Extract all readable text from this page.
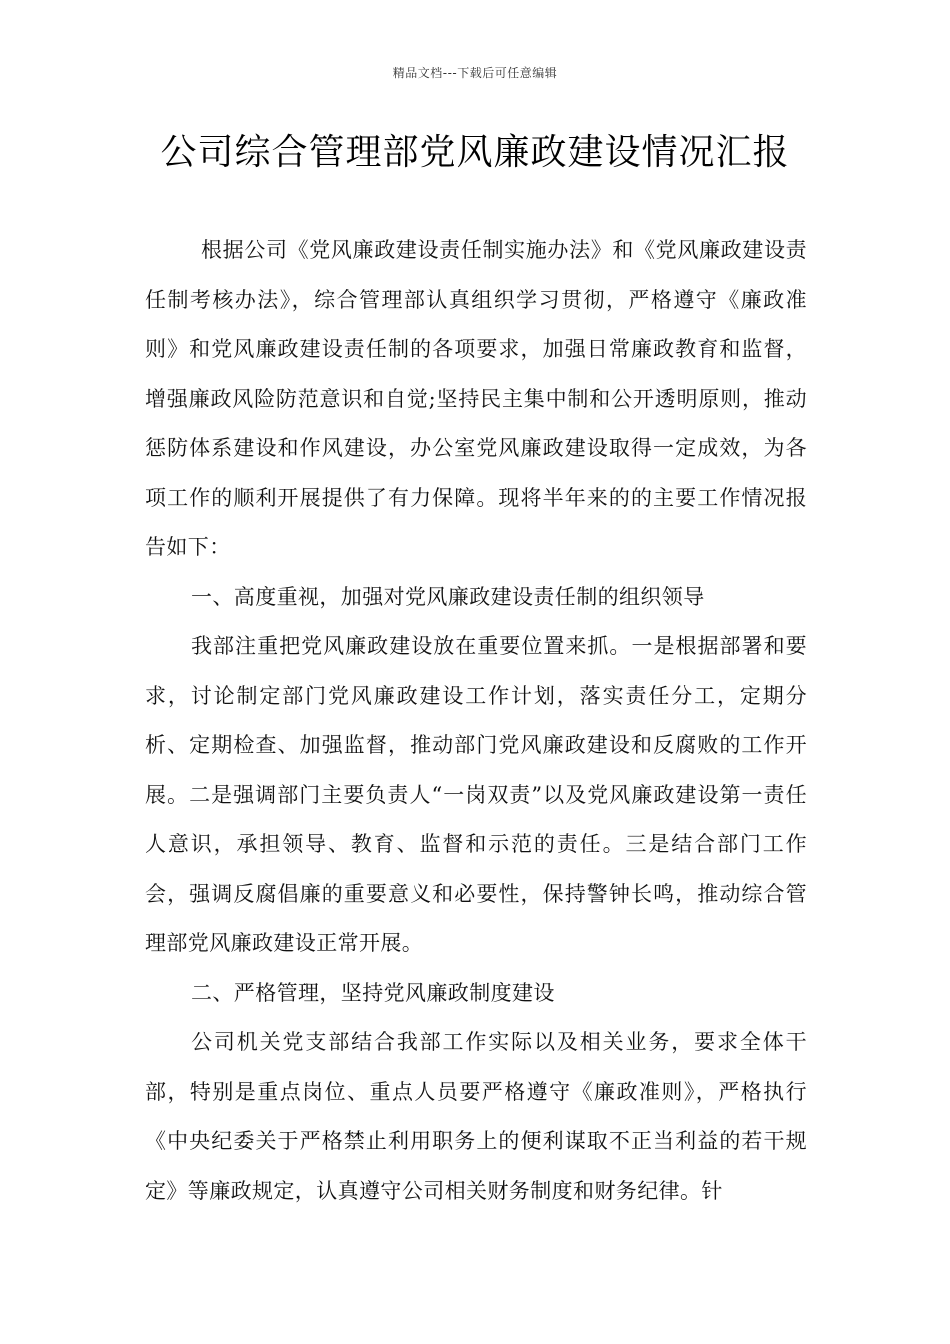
精品文档---下载后可任意编辑
公司综合管理部党风廉政建设情况汇报

根据公司《党风廉政建设责任制实施办法》和《党风廉政建设责任制考核办法》，综合管理部认真组织学习贯彻，严格遵守《廉政准则》和党风廉政建设责任制的各项要求，加强日常廉政教育和监督，增强廉政风险防范意识和自觉;坚持民主集中制和公开透明原则，推动惩防体系建设和作风建设，办公室党风廉政建设取得一定成效，为各项工作的顺利开展提供了有力保障。现将半年来的的主要工作情况报告如下：

一、高度重视，加强对党风廉政建设责任制的组织领导

我部注重把党风廉政建设放在重要位置来抓。一是根据部署和要求，讨论制定部门党风廉政建设工作计划，落实责任分工，定期分析、定期检查、加强监督，推动部门党风廉政建设和反腐败的工作开展。二是强调部门主要负责人“一岗双责”以及党风廉政建设第一责任人意识，承担领导、教育、监督和示范的责任。三是结合部门工作会，强调反腐倡廉的重要意义和必要性，保持警钟长鸣，推动综合管理部党风廉政建设正常开展。

二、严格管理，坚持党风廉政制度建设

公司机关党支部结合我部工作实际以及相关业务，要求全体干部，特别是重点岗位、重点人员要严格遵守《廉政准则》，严格执行《中央纪委关于严格禁止利用职务上的便利谋取不正当利益的若干规定》等廉政规定，认真遵守公司相关财务制度和财务纪律。针
